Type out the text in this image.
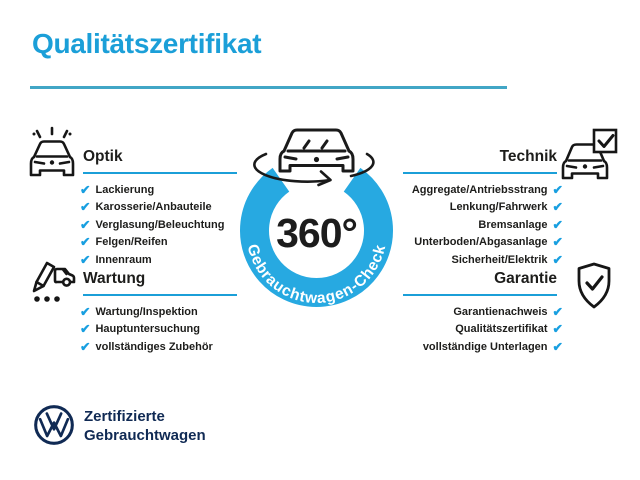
Qualitätszertifikat
Optik
✔ Lackierung
✔ Karosserie/Anbauteile
✔ Verglasung/Beleuchtung
✔ Felgen/Reifen
✔ Innenraum
Technik
Aggregate/Antriebsstrang ✔
Lenkung/Fahrwerk ✔
Bremsanlage ✔
Unterboden/Abgasanlage ✔
Sicherheit/Elektrik ✔
Wartung
✔ Wartung/Inspektion
✔ Hauptuntersuchung
✔ vollständiges Zubehör
Garantie
Garantienachweis ✔
Qualitätszertifikat ✔
vollständige Unterlagen ✔
Gebrauchtwagen-Check
360°
Zertifizierte
Gebrauchtwagen
